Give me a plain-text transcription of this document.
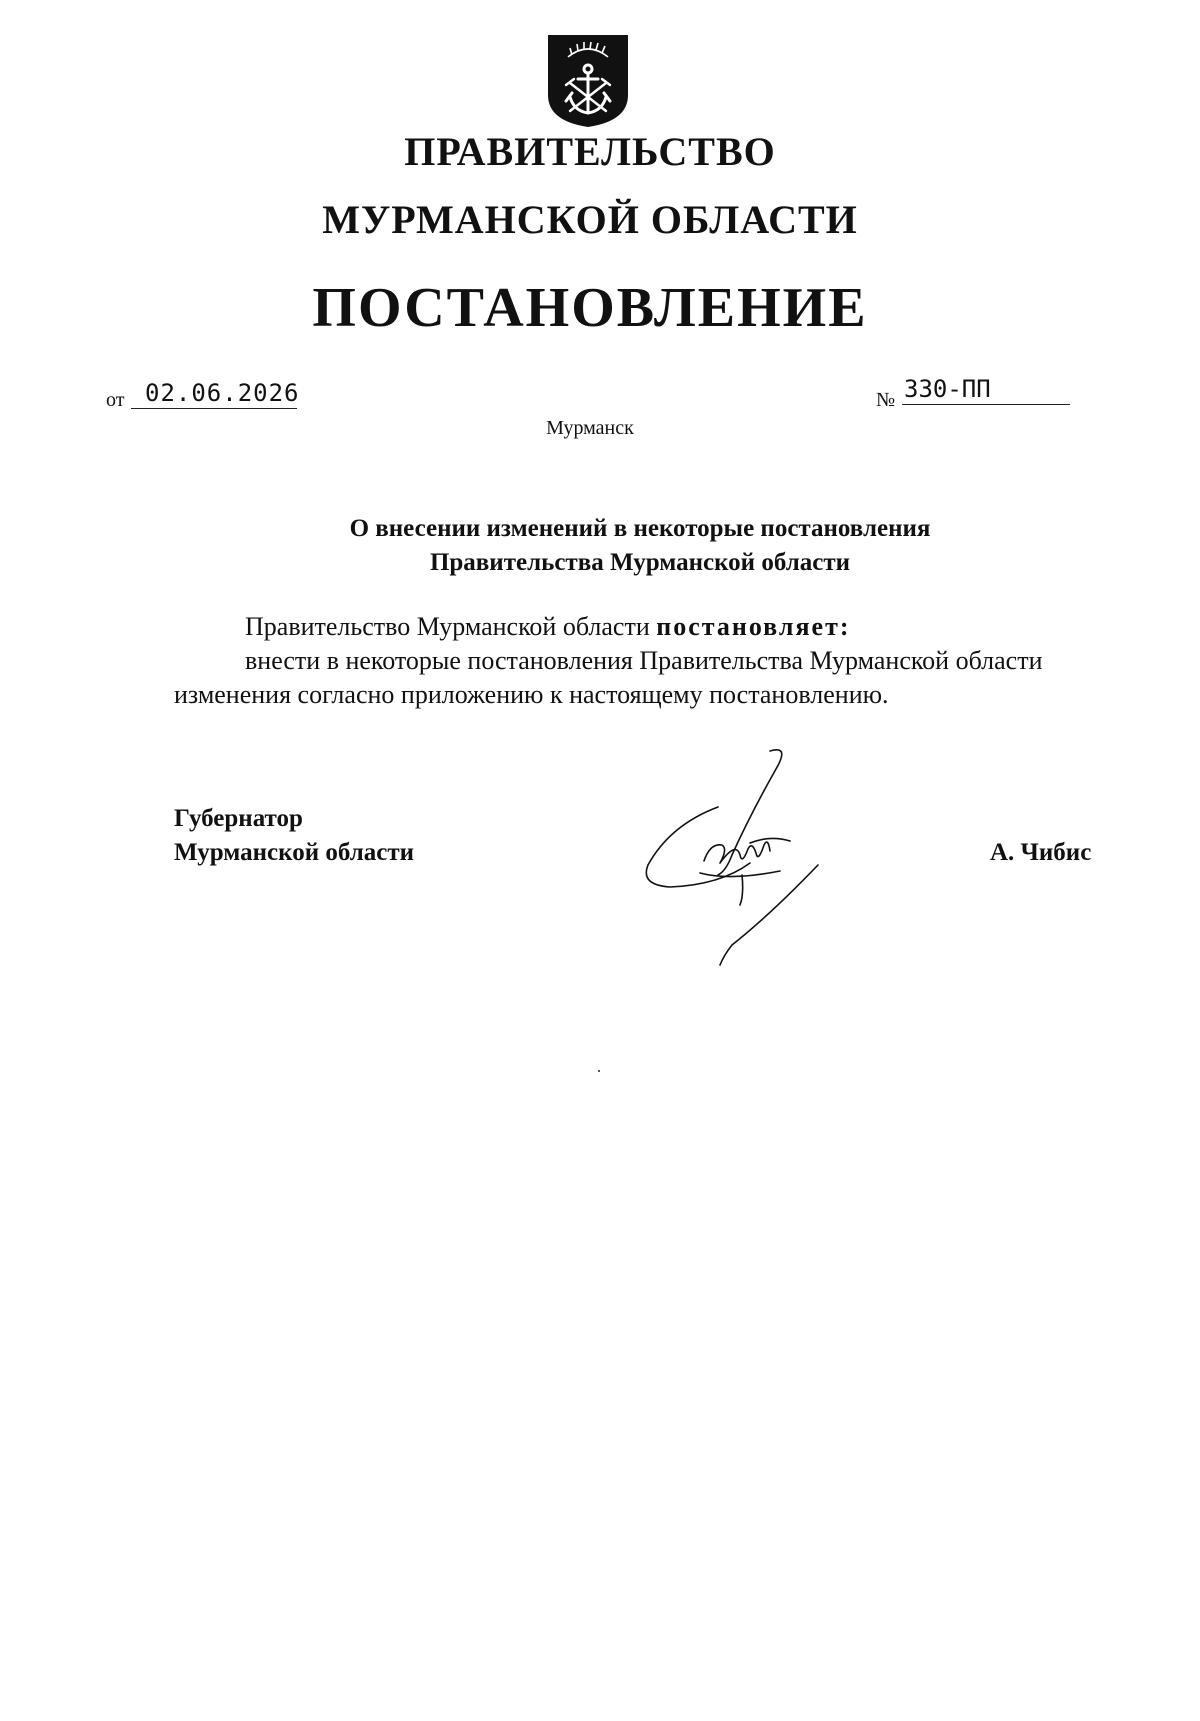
ПРАВИТЕЛЬСТВО
МУРМАНСКОЙ ОБЛАСТИ
ПОСТАНОВЛЕНИЕ
от 02.06.2026	№ 330-ПП
Мурманск
О внесении изменений в некоторые постановления
Правительства Мурманской области
Правительство Мурманской области постановляет:
внести в некоторые постановления Правительства Мурманской области
изменения согласно приложению к настоящему постановлению.
Губернатор
Мурманской области	А. Чибис
